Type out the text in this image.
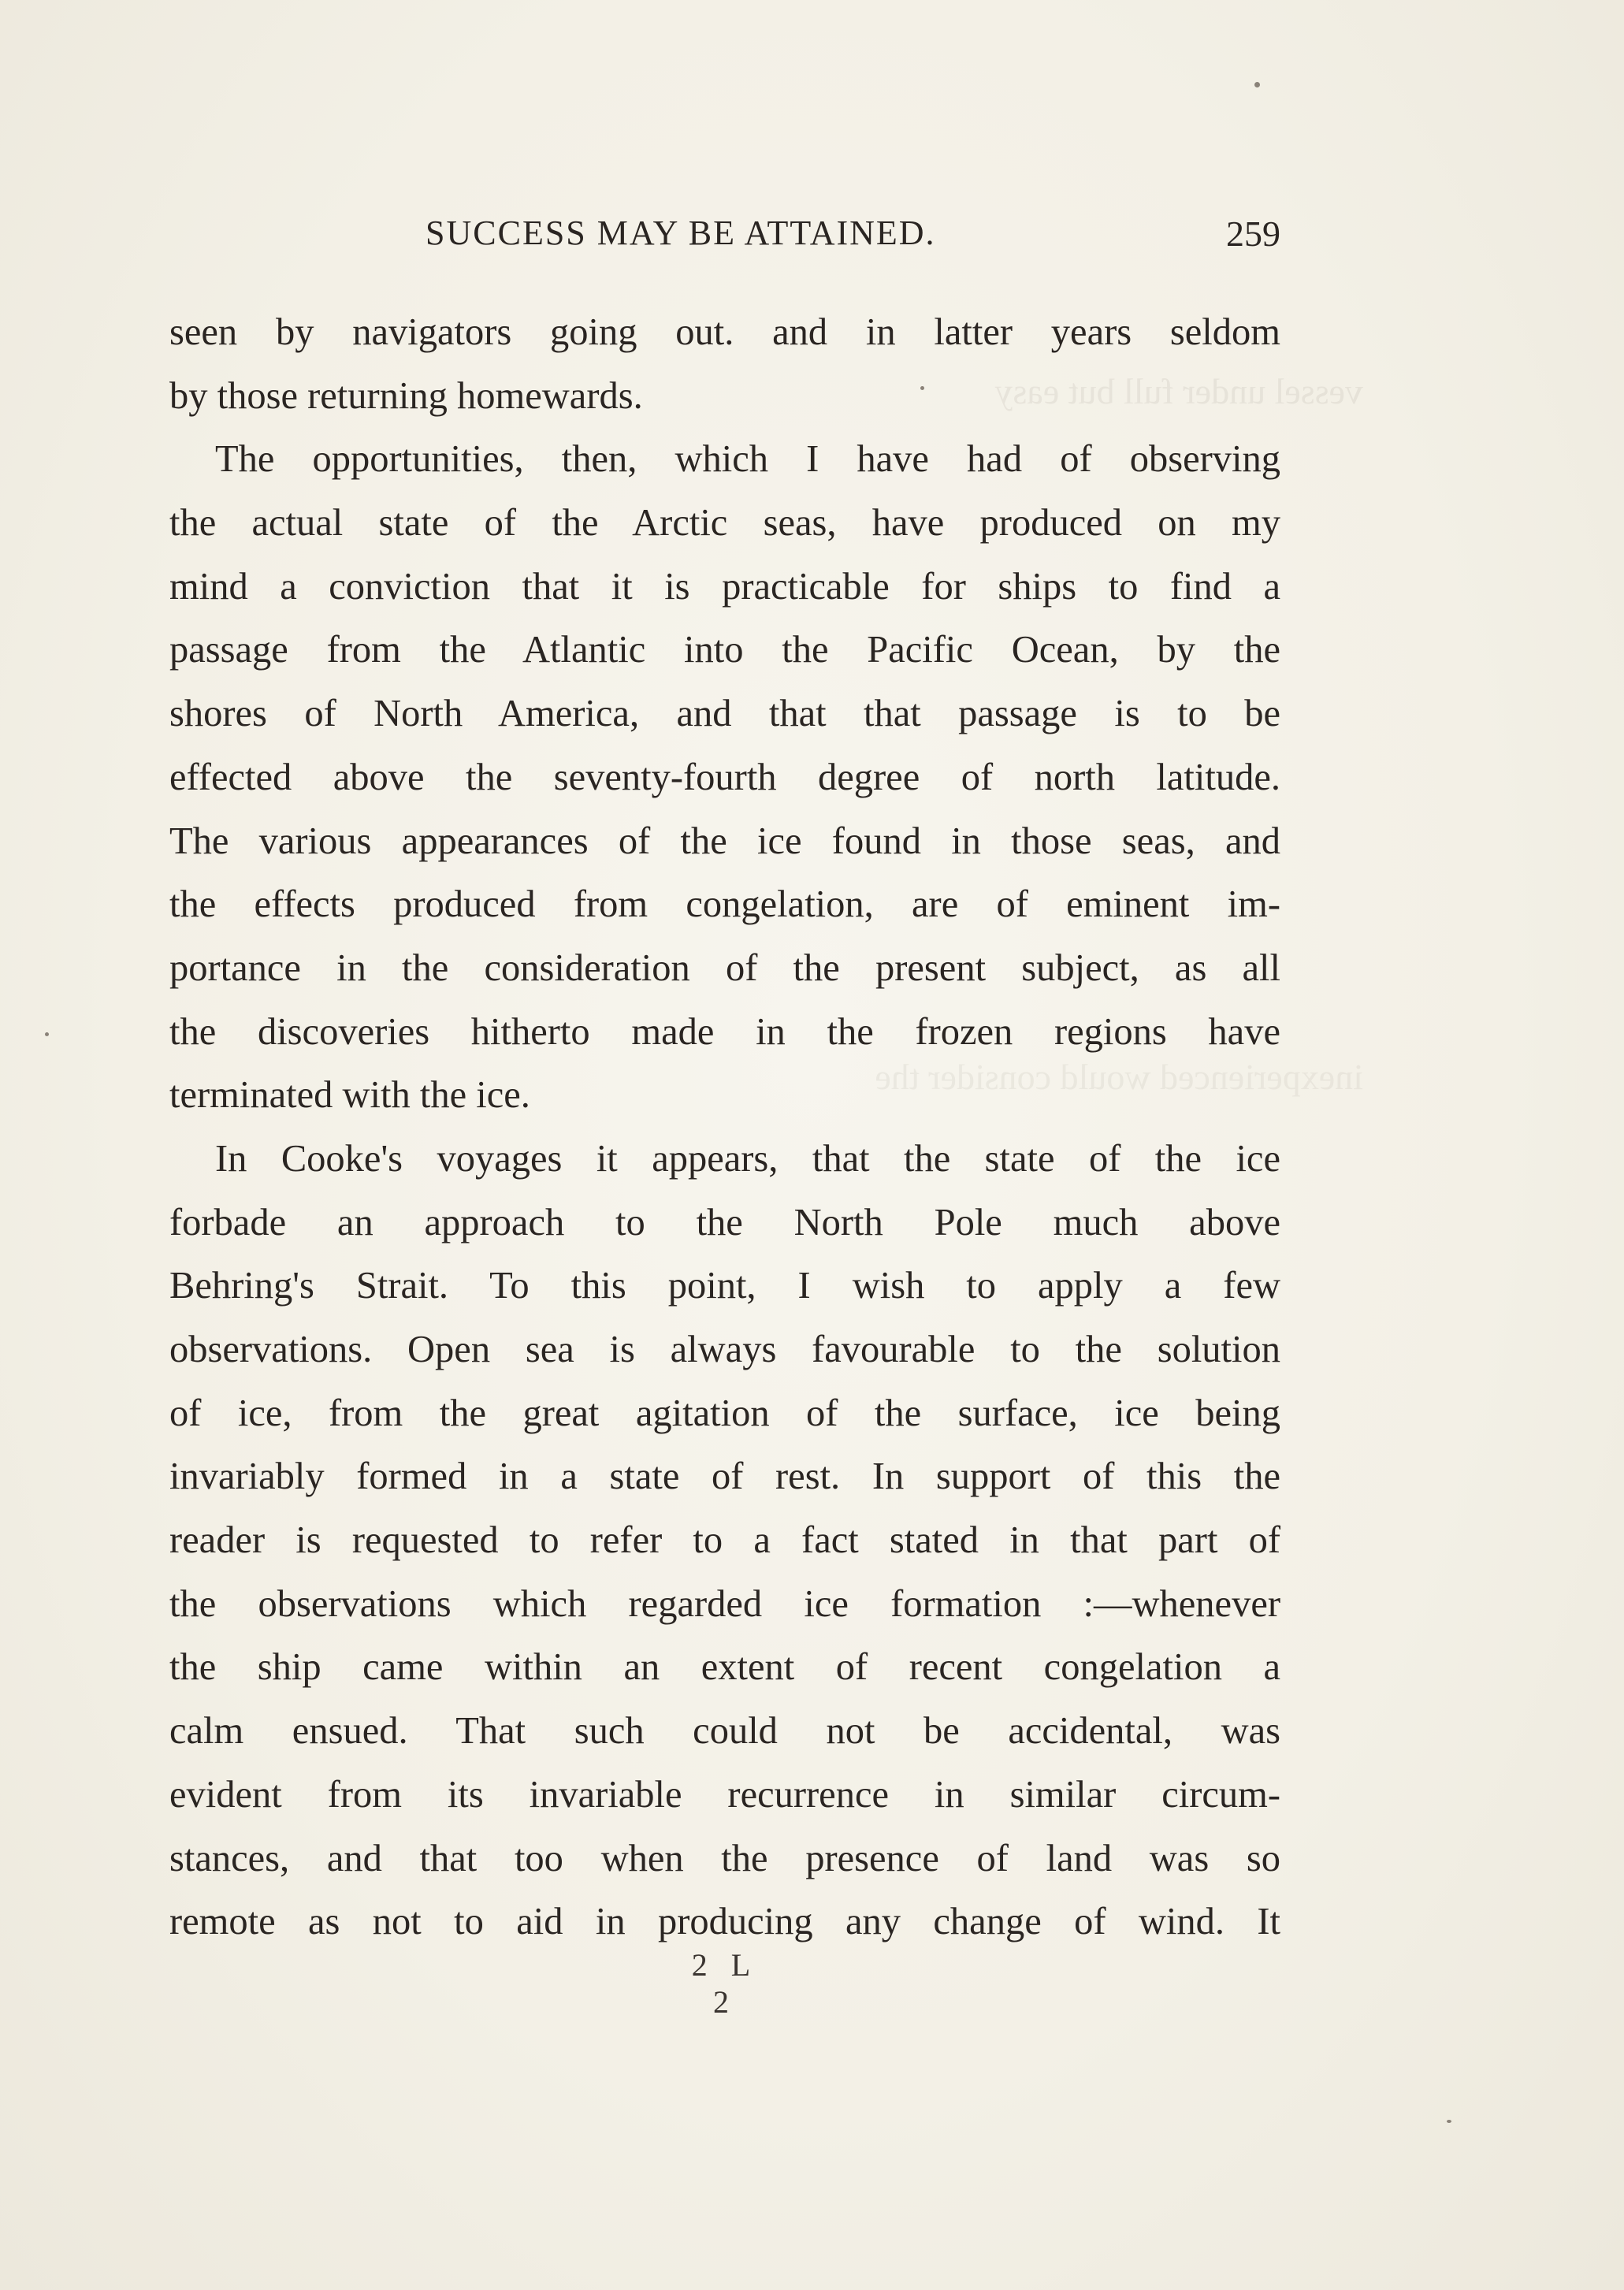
vessel under full but easy
inexperienced would consider the
SUCCESS MAY BE ATTAINED.	259
seen by navigators going out. and in latter years seldom
by those returning homewards.
The opportunities, then, which I have had of observing
the actual state of the Arctic seas, have produced on my
mind a conviction that it is practicable for ships to find a
passage from the Atlantic into the Pacific Ocean, by the
shores of North America, and that that passage is to be
effected above the seventy-fourth degree of north latitude.
The various appearances of the ice found in those seas, and
the effects produced from congelation, are of eminent im-
portance in the consideration of the present subject, as all
the discoveries hitherto made in the frozen regions have
terminated with the ice.
In Cooke's voyages it appears, that the state of the ice
forbade an approach to the North Pole much above
Behring's Strait. To this point, I wish to apply a few
observations. Open sea is always favourable to the solution
of ice, from the great agitation of the surface, ice being
invariably formed in a state of rest. In support of this the
reader is requested to refer to a fact stated in that part of
the observations which regarded ice formation :—whenever
the ship came within an extent of recent congelation a
calm ensued. That such could not be accidental, was
evident from its invariable recurrence in similar circum-
stances, and that too when the presence of land was so
remote as not to aid in producing any change of wind. It
2 L 2
